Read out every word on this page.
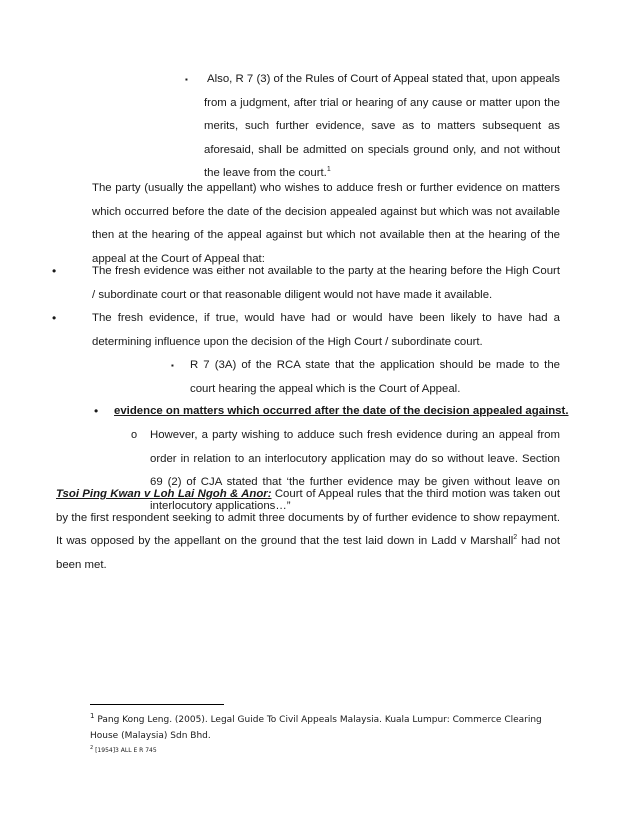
▪ Also, R 7 (3) of the Rules of Court of Appeal stated that, upon appeals from a judgment, after trial or hearing of any cause or matter upon the merits, such further evidence, save as to matters subsequent as aforesaid, shall be admitted on specials ground only, and not without the leave from the court.$^1$
The party (usually the appellant) who wishes to adduce fresh or further evidence on matters which occurred before the date of the decision appealed against but which was not available then at the hearing of the appeal against but which not available then at the hearing of the appeal at the Court of Appeal that:
•	The fresh evidence was either not available to the party at the hearing before the High Court / subordinate court or that reasonable diligent would not have made it available.
•	The fresh evidence, if true, would have had or would have been likely to have had a determining influence upon the decision of the High Court / subordinate court.
▪ R 7 (3A) of the RCA state that the application should be made to the court hearing the appeal which is the Court of Appeal.
• evidence on matters which occurred after the date of the decision appealed against.
o However, a party wishing to adduce such fresh evidence during an appeal from order in relation to an interlocutory application may do so without leave. Section 69 (2) of CJA stated that ‘the further evidence may be given without leave on interlocutory applications…”
Tsoi Ping Kwan v Loh Lai Ngoh & Anor: Court of Appeal rules that the third motion was taken out by the first respondent seeking to admit three documents by of further evidence to show repayment. It was opposed by the appellant on the ground that the test laid down in Ladd v Marshall$^2$ had not been met.
$^1$ Pang Kong Leng. (2005). Legal Guide To Civil Appeals Malaysia. Kuala Lumpur: Commerce Clearing House (Malaysia) Sdn Bhd.
$^2$ [1954]3 ALL E R 745
